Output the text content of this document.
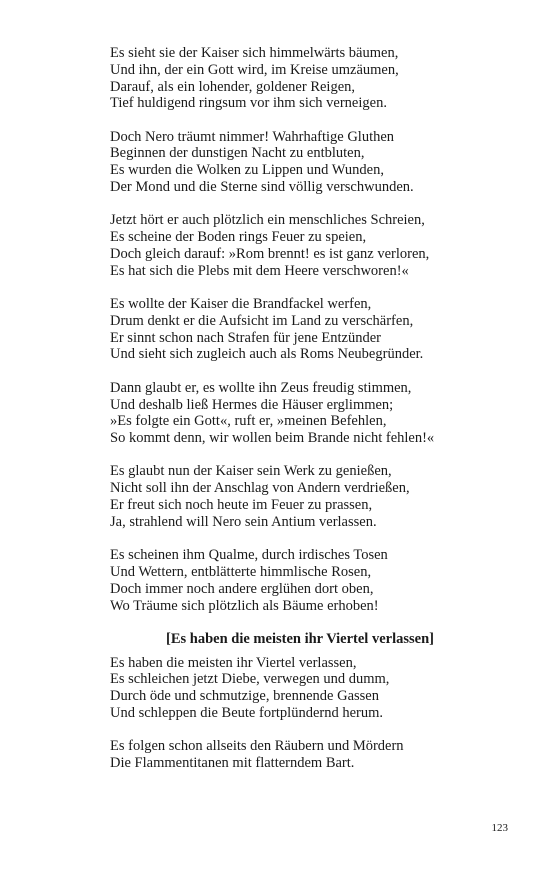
Es sieht sie der Kaiser sich himmelwärts bäumen,
Und ihn, der ein Gott wird, im Kreise umzäumen,
Darauf, als ein lohender, goldener Reigen,
Tief huldigend ringsum vor ihm sich verneigen.
Doch Nero träumt nimmer! Wahrhaftige Gluthen
Beginnen der dunstigen Nacht zu entbluten,
Es wurden die Wolken zu Lippen und Wunden,
Der Mond und die Sterne sind völlig verschwunden.
Jetzt hört er auch plötzlich ein menschliches Schreien,
Es scheine der Boden rings Feuer zu speien,
Doch gleich darauf: »Rom brennt! es ist ganz verloren,
Es hat sich die Plebs mit dem Heere verschworen!«
Es wollte der Kaiser die Brandfackel werfen,
Drum denkt er die Aufsicht im Land zu verschärfen,
Er sinnt schon nach Strafen für jene Entzünder
Und sieht sich zugleich auch als Roms Neubegründer.
Dann glaubt er, es wollte ihn Zeus freudig stimmen,
Und deshalb ließ Hermes die Häuser erglimmen;
»Es folgte ein Gott«, ruft er, »meinen Befehlen,
So kommt denn, wir wollen beim Brande nicht fehlen!«
Es glaubt nun der Kaiser sein Werk zu genießen,
Nicht soll ihn der Anschlag von Andern verdrießen,
Er freut sich noch heute im Feuer zu prassen,
Ja, strahlend will Nero sein Antium verlassen.
Es scheinen ihm Qualme, durch irdisches Tosen
Und Wettern, entblätterte himmlische Rosen,
Doch immer noch andere erglühen dort oben,
Wo Träume sich plötzlich als Bäume erhoben!
[Es haben die meisten ihr Viertel verlassen]
Es haben die meisten ihr Viertel verlassen,
Es schleichen jetzt Diebe, verwegen und dumm,
Durch öde und schmutzige, brennende Gassen
Und schleppen die Beute fortplündernd herum.
Es folgen schon allseits den Räubern und Mördern
Die Flammentitanen mit flatterndem Bart.
123
